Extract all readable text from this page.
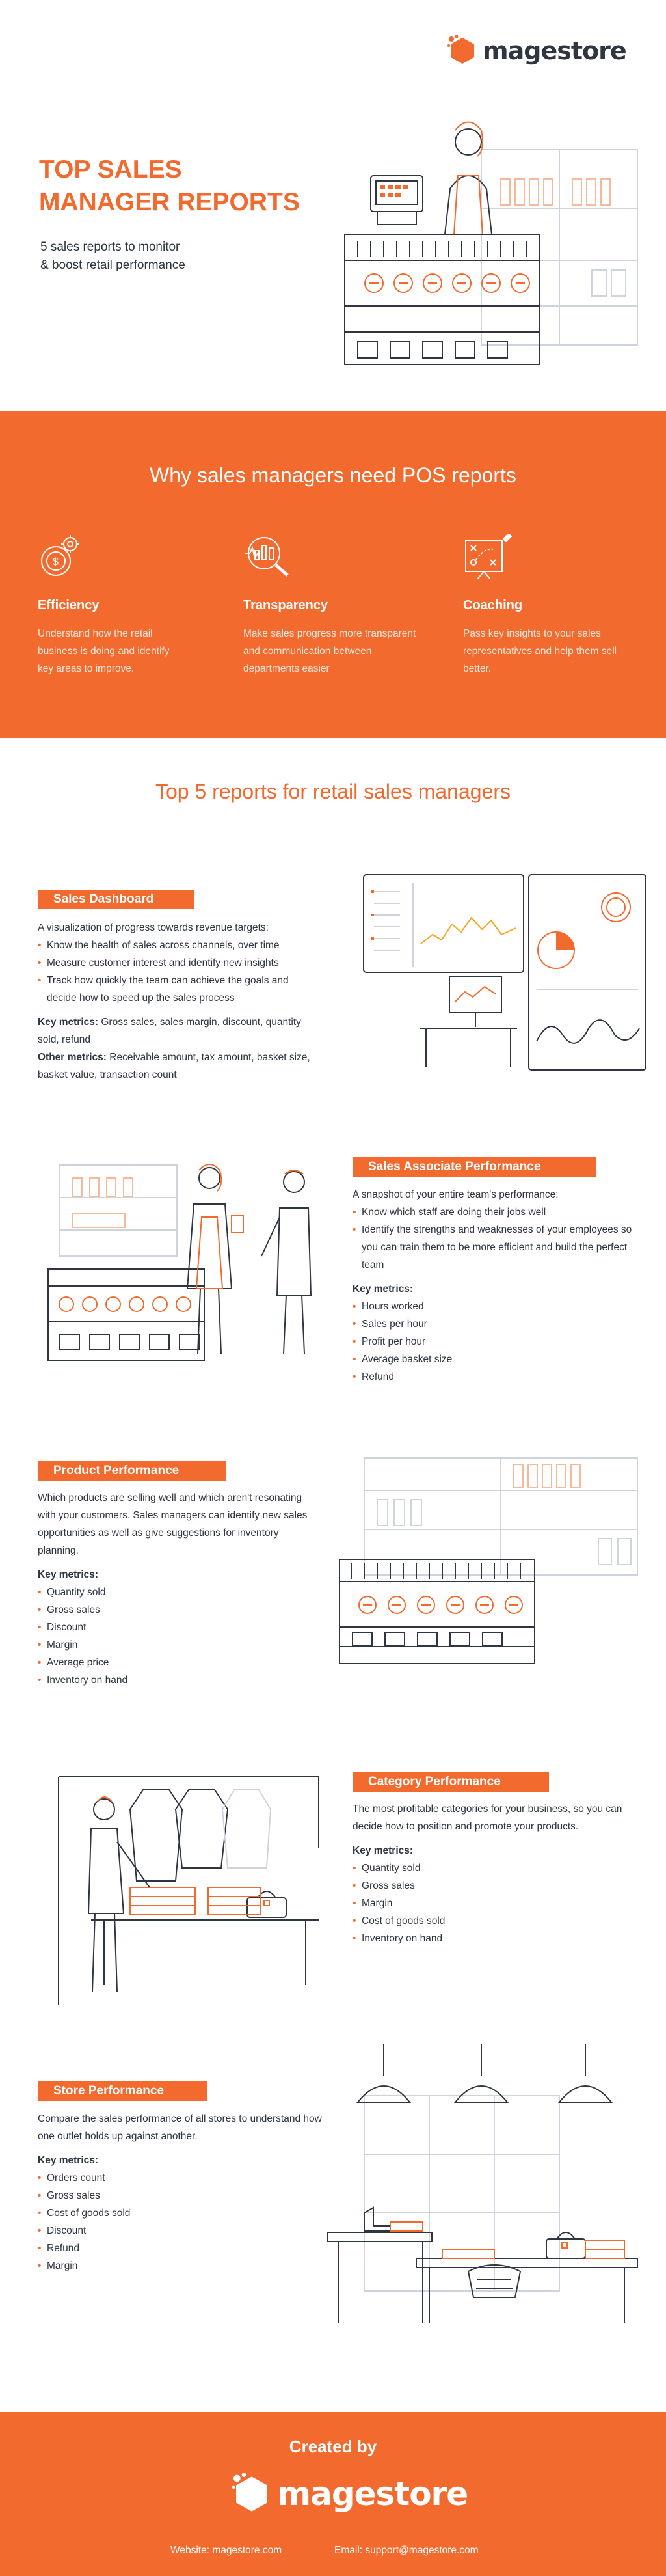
magestore
TOP SALES
MANAGER REPORTS
5 sales reports to monitor
& boost retail performance
Why sales managers need POS reports
$
Efficiency

Understand how the retail business is doing and identify key areas to improve.

Transparency

Make sales progress more transparent and communication between departments easier

Coaching

Pass key insights to your sales representatives and help them sell better.

Top 5 reports for retail sales managers
Sales Dashboard
A visualization of progress towards revenue targets:
• Know the health of sales across channels, over time
• Measure customer interest and identify new insights
• Track how quickly the team can achieve the goals and decide how to speed up the sales process
Key metrics: Gross sales, sales margin, discount, quantity sold, refund
Other metrics: Receivable amount, tax amount, basket size, basket value, transaction count
Sales Associate Performance
A snapshot of your entire team's performance:
• Know which staff are doing their jobs well
• Identify the strengths and weaknesses of your employees so you can train them to be more efficient and build the perfect team
Key metrics:
• Hours worked
• Sales per hour
• Profit per hour
• Average basket size
• Refund
Product Performance
Which products are selling well and which aren't resonating with your customers. Sales managers can identify new sales opportunities as well as give suggestions for inventory planning.
Key metrics:
• Quantity sold
• Gross sales
• Discount
• Margin
• Average price
• Inventory on hand
Category Performance
The most profitable categories for your business, so you can decide how to position and promote your products.
Key metrics:
• Quantity sold
• Gross sales
• Margin
• Cost of goods sold
• Inventory on hand
Store Performance
Compare the sales performance of all stores to understand how one outlet holds up against another.
Key metrics:
• Orders count
• Gross sales
• Cost of goods sold
• Discount
• Refund
• Margin
Created by
magestore
Website: magestore.com	Email: support@magestore.com
